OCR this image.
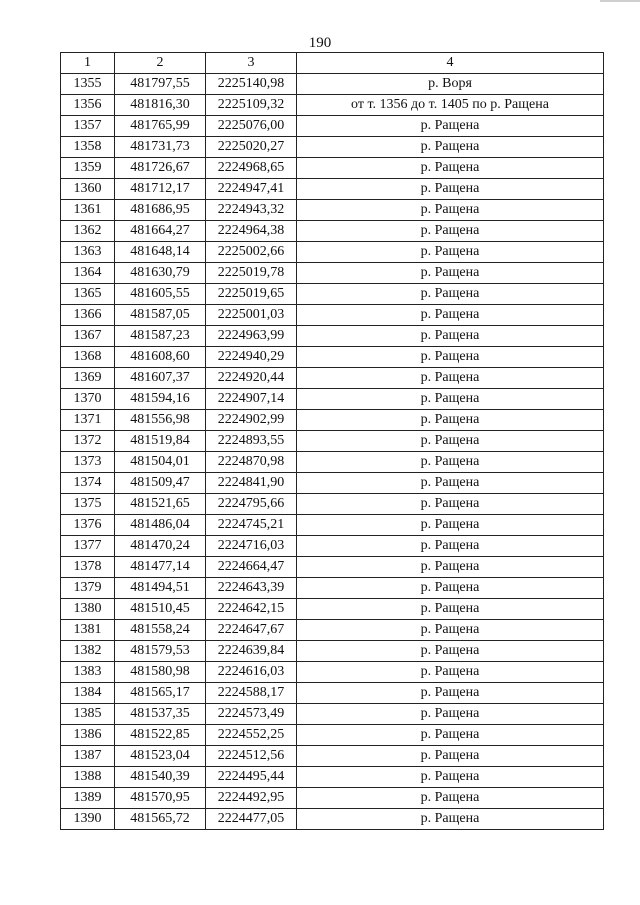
190
1	2	3	4
1355	481797,55	2225140,98	р. Воря
1356	481816,30	2225109,32	от т. 1356 до т. 1405 по р. Ращена
1357	481765,99	2225076,00	р. Ращена
1358	481731,73	2225020,27	р. Ращена
1359	481726,67	2224968,65	р. Ращена
1360	481712,17	2224947,41	р. Ращена
1361	481686,95	2224943,32	р. Ращена
1362	481664,27	2224964,38	р. Ращена
1363	481648,14	2225002,66	р. Ращена
1364	481630,79	2225019,78	р. Ращена
1365	481605,55	2225019,65	р. Ращена
1366	481587,05	2225001,03	р. Ращена
1367	481587,23	2224963,99	р. Ращена
1368	481608,60	2224940,29	р. Ращена
1369	481607,37	2224920,44	р. Ращена
1370	481594,16	2224907,14	р. Ращена
1371	481556,98	2224902,99	р. Ращена
1372	481519,84	2224893,55	р. Ращена
1373	481504,01	2224870,98	р. Ращена
1374	481509,47	2224841,90	р. Ращена
1375	481521,65	2224795,66	р. Ращена
1376	481486,04	2224745,21	р. Ращена
1377	481470,24	2224716,03	р. Ращена
1378	481477,14	2224664,47	р. Ращена
1379	481494,51	2224643,39	р. Ращена
1380	481510,45	2224642,15	р. Ращена
1381	481558,24	2224647,67	р. Ращена
1382	481579,53	2224639,84	р. Ращена
1383	481580,98	2224616,03	р. Ращена
1384	481565,17	2224588,17	р. Ращена
1385	481537,35	2224573,49	р. Ращена
1386	481522,85	2224552,25	р. Ращена
1387	481523,04	2224512,56	р. Ращена
1388	481540,39	2224495,44	р. Ращена
1389	481570,95	2224492,95	р. Ращена
1390	481565,72	2224477,05	р. Ращена
